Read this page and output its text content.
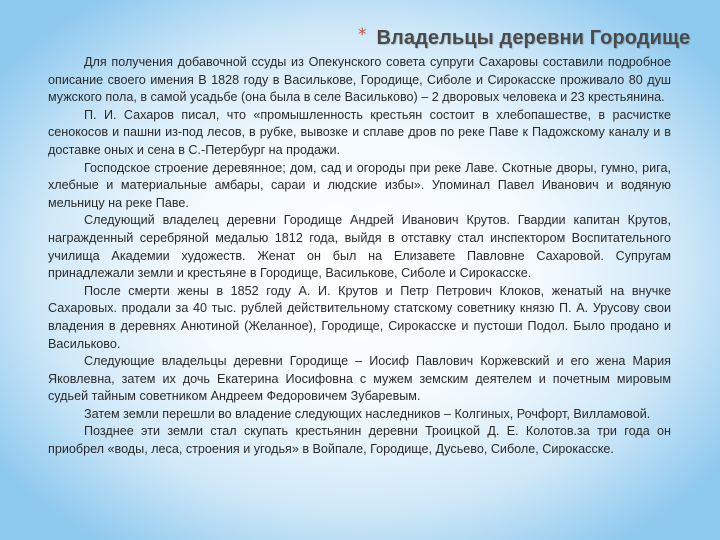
* Владельцы деревни Городище

Для получения добавочной ссуды из Опекунского совета супруги Сахаровы составили подробное описание своего имения В 1828 году в Василькове, Городище, Сиболе и Сирокасске проживало 80 душ мужского пола, в самой усадьбе (она была в селе Васильково) – 2 дворовых человека и 23 крестьянина.

П. И. Сахаров писал, что «промышленность крестьян состоит в хлебопашестве, в расчистке сенокосов и пашни из-под лесов, в рубке, вывозке и сплаве дров по реке Паве к Падожскому каналу и в доставке оных и сена в С.-Петербург на продажи.

Господское строение деревянное; дом, сад и огороды при реке Лаве. Скотные дворы, гумно, рига, хлебные и материальные амбары, сараи и людские избы». Упоминал Павел Иванович и водяную мельницу на реке Паве.

Следующий владелец деревни Городище Андрей Иванович Крутов. Гвардии капитан Крутов, награжденный серебряной медалью 1812 года, выйдя в отставку стал инспектором Воспитательного училища Академии художеств. Женат он был на Елизавете Павловне Сахаровой. Супругам принадлежали земли и крестьяне в Городище, Василькове, Сиболе и Сирокасске.

После смерти жены в 1852 году А. И. Крутов и Петр Петрович Клоков, женатый на внучке Сахаровых. продали за 40 тыс. рублей действительному статскому советнику князю П. А. Урусову свои владения в деревнях Анютиной (Желанное), Городище, Сирокасске и пустоши Подол. Было продано и Васильково.

Следующие владельцы деревни Городище – Иосиф Павлович Коржевский и его жена Мария Яковлевна, затем их дочь Екатерина Иосифовна с мужем земским деятелем и почетным мировым судьей тайным советником Андреем Федоровичем Зубаревым.

Затем земли перешли во владение следующих наследников – Колгиных, Рочфорт, Вилламовой.

Позднее эти земли стал скупать крестьянин деревни Троицкой Д. Е. Колотов.за три года он приобрел «воды, леса, строения и угодья» в Войпале, Городище, Дусьево, Сиболе, Сирокасске.
